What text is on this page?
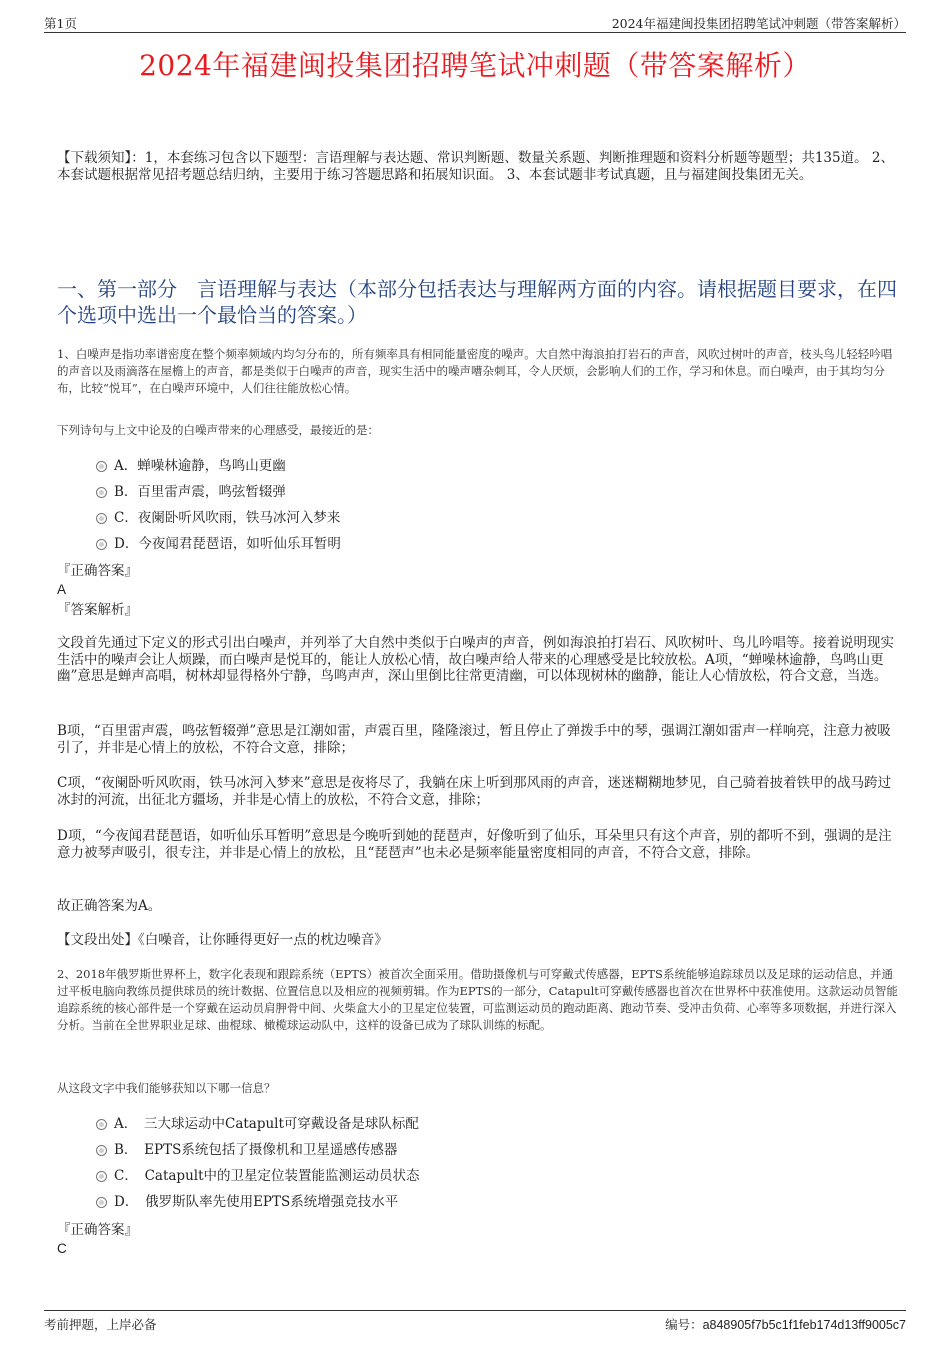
第1页	2024年福建闽投集团招聘笔试冲刺题（带答案解析）
2024年福建闽投集团招聘笔试冲刺题（带答案解析）
【下载须知】：1，本套练习包含以下题型：言语理解与表达题、常识判断题、数量关系题、判断推理题和资料分析题等题型；共135道。 2、本套试题根据常见招考题总结归纳，主要用于练习答题思路和拓展知识面。 3、本套试题非考试真题，且与福建闽投集团无关。
一、第一部分　言语理解与表达（本部分包括表达与理解两方面的内容。请根据题目要求，在四个选项中选出一个最恰当的答案。）
1、白噪声是指功率谱密度在整个频率频域内均匀分布的，所有频率具有相同能量密度的噪声。大自然中海浪拍打岩石的声音，风吹过树叶的声音，枝头鸟儿轻轻吟唱的声音以及雨滴落在屋檐上的声音，都是类似于白噪声的声音，现实生活中的噪声嘈杂刺耳，令人厌烦，会影响人们的工作，学习和休息。而白噪声，由于其均匀分布，比较“悦耳”，在白噪声环境中，人们往往能放松心情。
下列诗句与上文中论及的白噪声带来的心理感受，最接近的是：
A．蝉噪林逾静，鸟鸣山更幽
B．百里雷声震，鸣弦暂辍弹
C．夜阑卧听风吹雨，铁马冰河入梦来
D．今夜闻君琵琶语，如听仙乐耳暂明
『正确答案』
A
『答案解析』
文段首先通过下定义的形式引出白噪声，并列举了大自然中类似于白噪声的声音，例如海浪拍打岩石、风吹树叶、鸟儿吟唱等。接着说明现实生活中的噪声会让人烦躁，而白噪声是悦耳的，能让人放松心情，故白噪声给人带来的心理感受是比较放松。A项，“蝉噪林逾静，鸟鸣山更幽”意思是蝉声高唱，树林却显得格外宁静，鸟鸣声声，深山里倒比往常更清幽，可以体现树林的幽静，能让人心情放松，符合文意，当选。
B项，“百里雷声震，鸣弦暂辍弹”意思是江潮如雷，声震百里，隆隆滚过，暂且停止了弹拨手中的琴，强调江潮如雷声一样响亮，注意力被吸引了，并非是心情上的放松，不符合文意，排除；
C项，“夜阑卧听风吹雨，铁马冰河入梦来”意思是夜将尽了，我躺在床上听到那风雨的声音，迷迷糊糊地梦见，自己骑着披着铁甲的战马跨过冰封的河流，出征北方疆场，并非是心情上的放松，不符合文意，排除；
D项，“今夜闻君琵琶语，如听仙乐耳暂明”意思是今晚听到她的琵琶声，好像听到了仙乐，耳朵里只有这个声音，别的都听不到，强调的是注意力被琴声吸引，很专注，并非是心情上的放松，且“琵琶声”也未必是频率能量密度相同的声音，不符合文意，排除。
故正确答案为A。
【文段出处】《白噪音，让你睡得更好一点的枕边噪音》
2、2018年俄罗斯世界杯上，数字化表现和跟踪系统（EPTS）被首次全面采用。借助摄像机与可穿戴式传感器，EPTS系统能够追踪球员以及足球的运动信息，并通过平板电脑向教练员提供球员的统计数据、位置信息以及相应的视频剪辑。作为EPTS的一部分，Catapult可穿戴传感器也首次在世界杯中获准使用。这款运动员智能追踪系统的核心部件是一个穿戴在运动员肩胛骨中间、火柴盒大小的卫星定位装置，可监测运动员的跑动距离、跑动节奏、受冲击负荷、心率等多项数据，并进行深入分析。当前在全世界职业足球、曲棍球、橄榄球运动队中，这样的设备已成为了球队训练的标配。
从这段文字中我们能够获知以下哪一信息？
A．　三大球运动中Catapult可穿戴设备是球队标配
B．　EPTS系统包括了摄像机和卫星遥感传感器
C．　Catapult中的卫星定位装置能监测运动员状态
D．　俄罗斯队率先使用EPTS系统增强竞技水平
『正确答案』
C
考前押题，上岸必备	编号：a848905f7b5c1f1feb174d13ff9005c7
